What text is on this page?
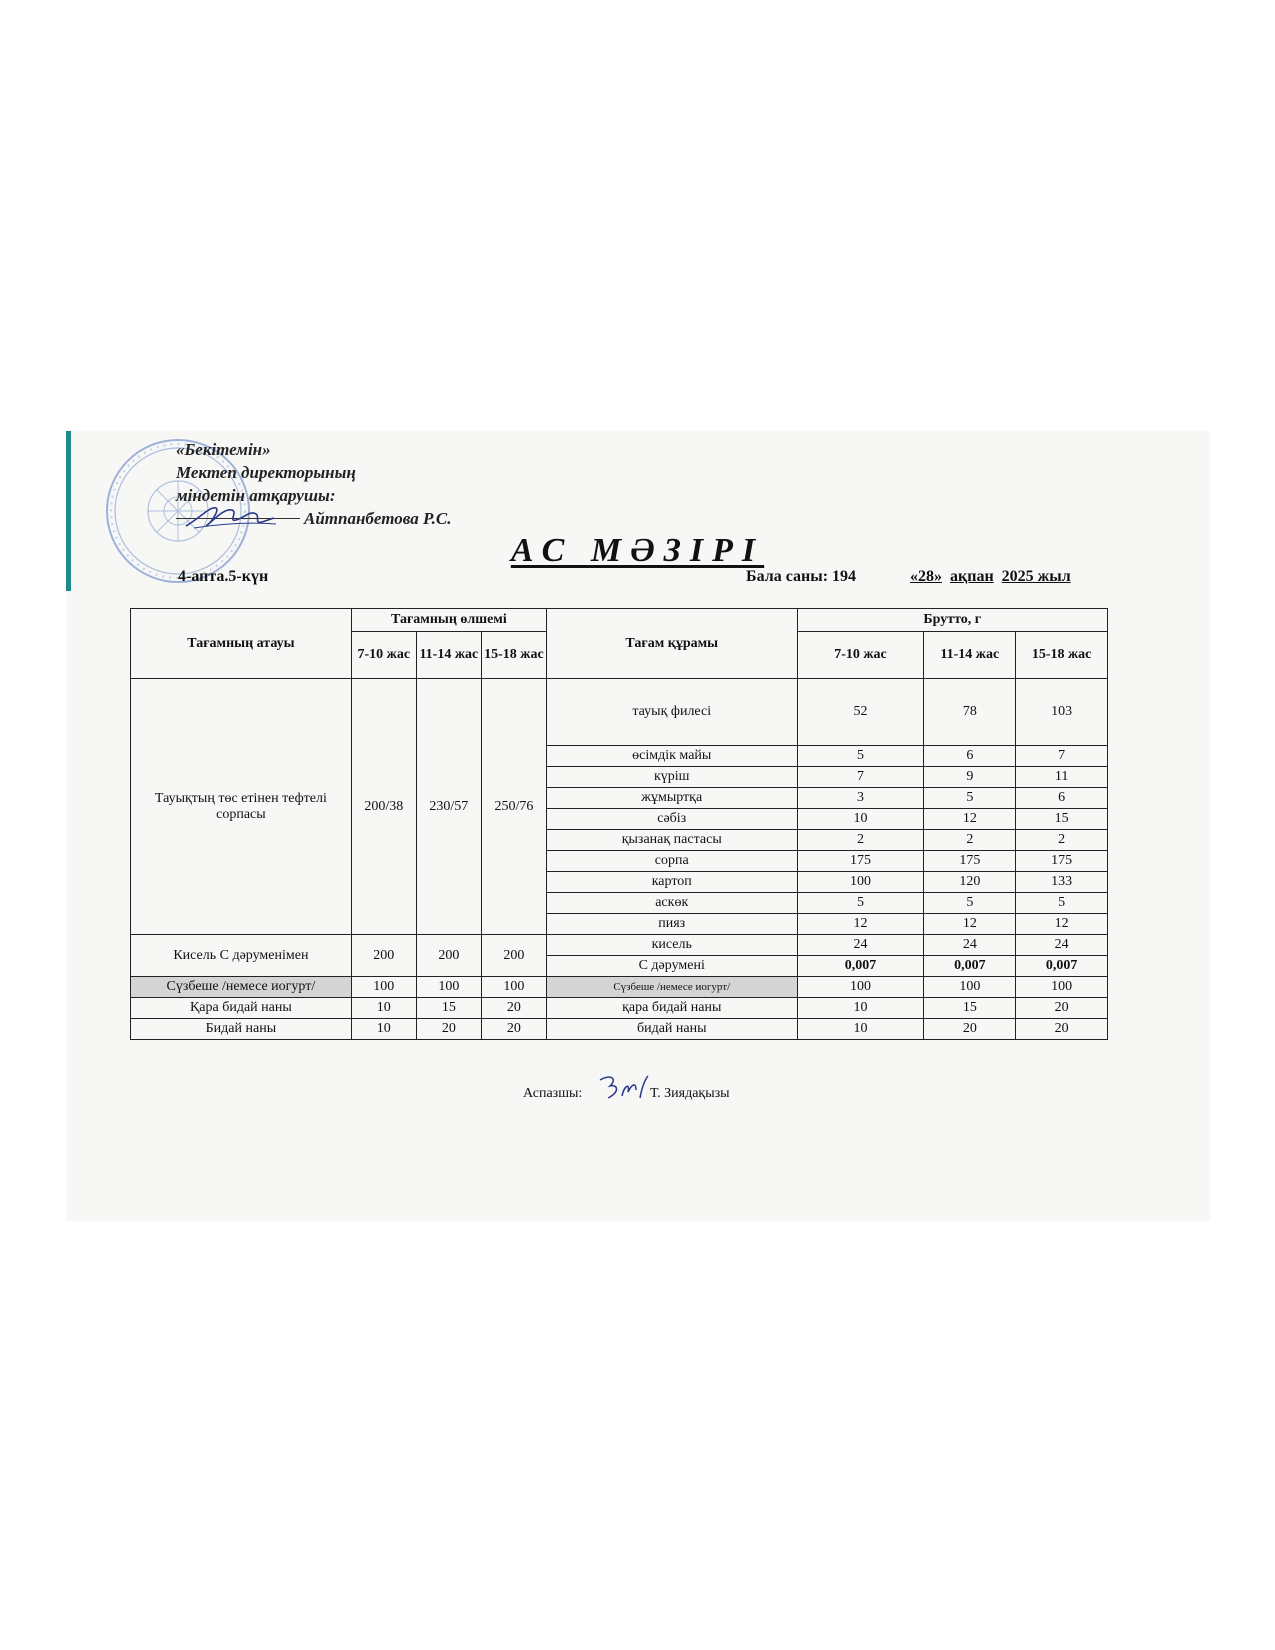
«Бекітемін»
Мектеп директорының
міндетін атқарушы:
Айтпанбетова Р.С.
АС МӘЗІРІ
4-апта.5-күн	Бала саны: 194	«28» ақпан 2025 жыл
Тағамның атауы	Тағамның өлшемі			Тағам құрамы	Брутто, г		
	7-10 жас	11-14 жас	15-18 жас		7-10 жас	11-14 жас	15-18 жас
Тауықтың төс етінен тефтелі сорпасы	200/38	230/57	250/76	тауық филесі	52	78	103
				өсімдік майы	5	6	7
				күріш	7	9	11
				жұмыртқа	3	5	6
				сәбіз	10	12	15
				қызанақ пастасы	2	2	2
				сорпа	175	175	175
				картоп	100	120	133
				аскөк	5	5	5
				пияз	12	12	12
Кисель С дәруменімен	200	200	200	кисель	24	24	24
				С дәрумені	0,007	0,007	0,007
Сүзбеше /немесе иогурт/	100	100	100	Сүзбеше /немесе иогурт/	100	100	100
Қара бидай наны	10	15	20	қара бидай наны	10	15	20
Бидай наны	10	20	20	бидай наны	10	20	20
Аспазшы:	Т. Зиядақызы
